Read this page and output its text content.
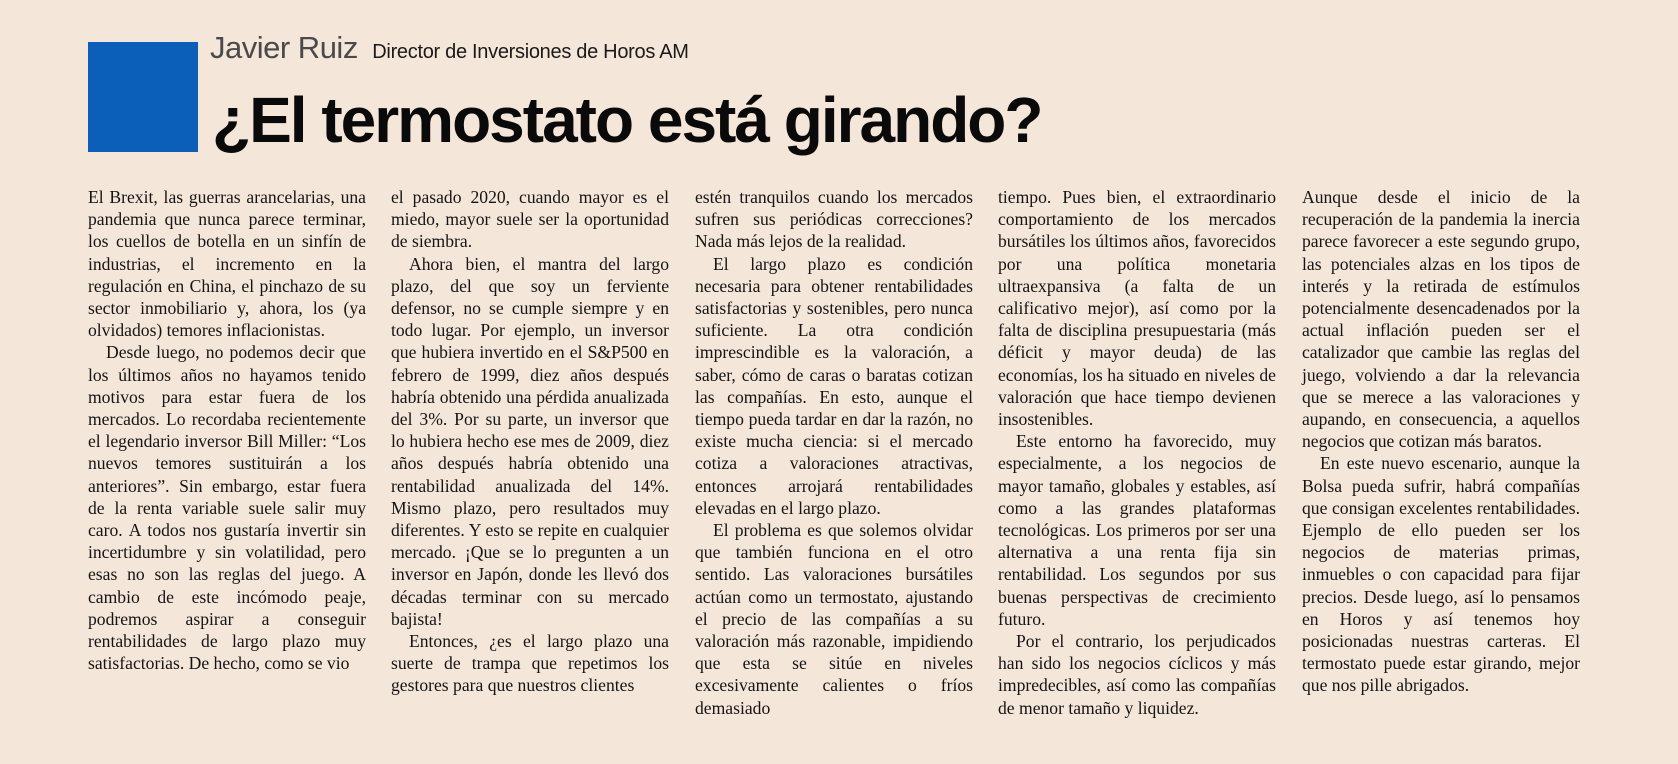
Javier Ruiz Director de Inversiones de Horos AM
¿El termostato está girando?

El Brexit, las guerras arancelarias, una pandemia que nunca parece terminar, los cuellos de botella en un sinfín de industrias, el incremento en la regulación en China, el pinchazo de su sector inmobiliario y, ahora, los (ya olvidados) temores inflacionistas.

Desde luego, no podemos decir que los últimos años no hayamos tenido motivos para estar fuera de los mercados. Lo recordaba recientemente el legendario inversor Bill Miller: “Los nuevos temores sustituirán a los anteriores”. Sin embargo, estar fuera de la renta variable suele salir muy caro. A todos nos gustaría invertir sin incertidumbre y sin volatilidad, pero esas no son las reglas del juego. A cambio de este incómodo peaje, podremos aspirar a conseguir rentabilidades de largo plazo muy satisfactorias. De hecho, como se vio

el pasado 2020, cuando mayor es el miedo, mayor suele ser la oportunidad de siembra.

Ahora bien, el mantra del largo plazo, del que soy un ferviente defensor, no se cumple siempre y en todo lugar. Por ejemplo, un inversor que hubiera invertido en el S&P500 en febrero de 1999, diez años después habría obtenido una pérdida anualizada del 3%. Por su parte, un inversor que lo hubiera hecho ese mes de 2009, diez años después habría obtenido una rentabilidad anualizada del 14%. Mismo plazo, pero resultados muy diferentes. Y esto se repite en cualquier mercado. ¡Que se lo pregunten a un inversor en Japón, donde les llevó dos décadas terminar con su mercado bajista!

Entonces, ¿es el largo plazo una suerte de trampa que repetimos los gestores para que nuestros clientes

estén tranquilos cuando los mercados sufren sus periódicas correcciones? Nada más lejos de la realidad.

El largo plazo es condición necesaria para obtener rentabilidades satisfactorias y sostenibles, pero nunca suficiente. La otra condición imprescindible es la valoración, a saber, cómo de caras o baratas cotizan las compañías. En esto, aunque el tiempo pueda tardar en dar la razón, no existe mucha ciencia: si el mercado cotiza a valoraciones atractivas, entonces arrojará rentabilidades elevadas en el largo plazo.

El problema es que solemos olvidar que también funciona en el otro sentido. Las valoraciones bursátiles actúan como un termostato, ajustando el precio de las compañías a su valoración más razonable, impidiendo que esta se sitúe en niveles excesivamente calientes o fríos demasiado

tiempo. Pues bien, el extraordinario comportamiento de los mercados bursátiles los últimos años, favorecidos por una política monetaria ultraexpansiva (a falta de un calificativo mejor), así como por la falta de disciplina presupuestaria (más déficit y mayor deuda) de las economías, los ha situado en niveles de valoración que hace tiempo devienen insostenibles.

Este entorno ha favorecido, muy especialmente, a los negocios de mayor tamaño, globales y estables, así como a las grandes plataformas tecnológicas. Los primeros por ser una alternativa a una renta fija sin rentabilidad. Los segundos por sus buenas perspectivas de crecimiento futuro.

Por el contrario, los perjudicados han sido los negocios cíclicos y más impredecibles, así como las compañías de menor tamaño y liquidez.

Aunque desde el inicio de la recuperación de la pandemia la inercia parece favorecer a este segundo grupo, las potenciales alzas en los tipos de interés y la retirada de estímulos potencialmente desencadenados por la actual inflación pueden ser el catalizador que cambie las reglas del juego, volviendo a dar la relevancia que se merece a las valoraciones y aupando, en consecuencia, a aquellos negocios que cotizan más baratos.

En este nuevo escenario, aunque la Bolsa pueda sufrir, habrá compañías que consigan excelentes rentabilidades. Ejemplo de ello pueden ser los negocios de materias primas, inmuebles o con capacidad para fijar precios. Desde luego, así lo pensamos en Horos y así tenemos hoy posicionadas nuestras carteras. El termostato puede estar girando, mejor que nos pille abrigados.
